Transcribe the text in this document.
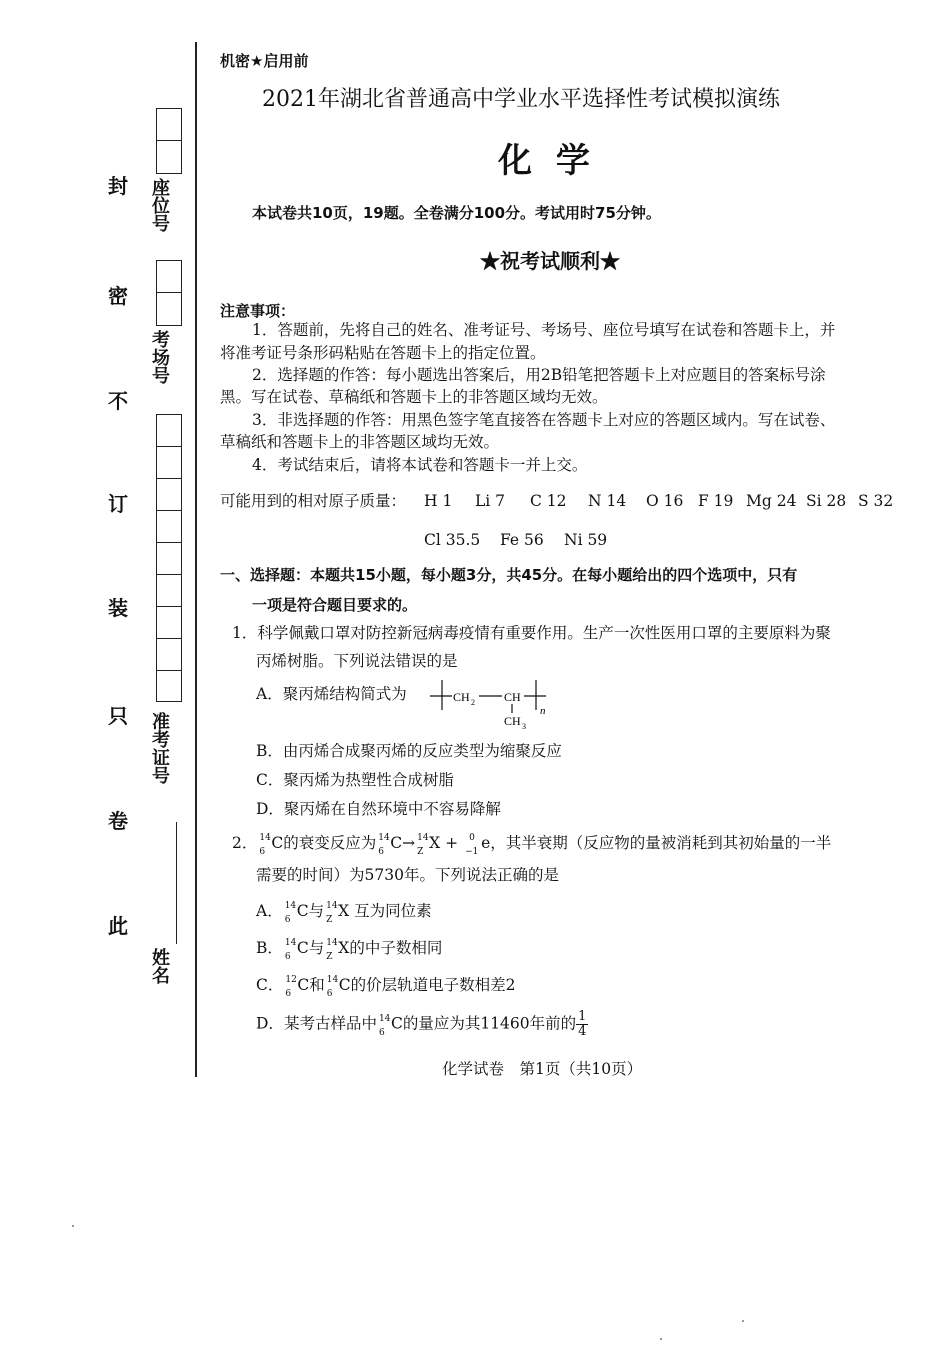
封
密
不
订
装
只
卷
此
座位号
考场号
准考证号
姓名
机密★启用前
2021年湖北省普通高中学业水平选择性考试模拟演练
化 学
本试卷共10页，19题。全卷满分100分。考试用时75分钟。
★祝考试顺利★
注意事项：
1．答题前，先将自己的姓名、准考证号、考场号、座位号填写在试卷和答题卡上，并
将准考证号条形码粘贴在答题卡上的指定位置。
2．选择题的作答：每小题选出答案后，用2B铅笔把答题卡上对应题目的答案标号涂
黑。写在试卷、草稿纸和答题卡上的非答题区域均无效。
3．非选择题的作答：用黑色签字笔直接答在答题卡上对应的答题区域内。写在试卷、
草稿纸和答题卡上的非答题区域均无效。
4．考试结束后，请将本试卷和答题卡一并上交。
可能用到的相对原子质量： H 1 Li 7 C 12 N 14 O 16 F 19 Mg 24 Si 28 S 32
Cl 35.5 Fe 56 Ni 59
一、选择题：本题共15小题，每小题3分，共45分。在每小题给出的四个选项中，只有
一项是符合题目要求的。
1．科学佩戴口罩对防控新冠病毒疫情有重要作用。生产一次性医用口罩的主要原料为聚
丙烯树脂。下列说法错误的是
A．聚丙烯结构简式为	CH 2 CH
CH 3
n
B．由丙烯合成聚丙烯的反应类型为缩聚反应
C．聚丙烯为热塑性合成树脂
D．聚丙烯在自然环境中不容易降解
2． 14
6 C的衰变反应为 14
6 C→ 14
Z X + 0
−1 e，其半衰期（反应物的量被消耗到其初始量的一半
需要的时间）为5730年。下列说法正确的是
A． 14
6 C与 14
Z X 互为同位素
B． 14
6 C与 14
Z X的中子数相同
C． 12
6 C和 14
6 C的价层轨道电子数相差2
D．某考古样品中 14
6 C的量应为其11460年前的 $\frac{1}{4}$
化学试卷　第1页（共10页）
